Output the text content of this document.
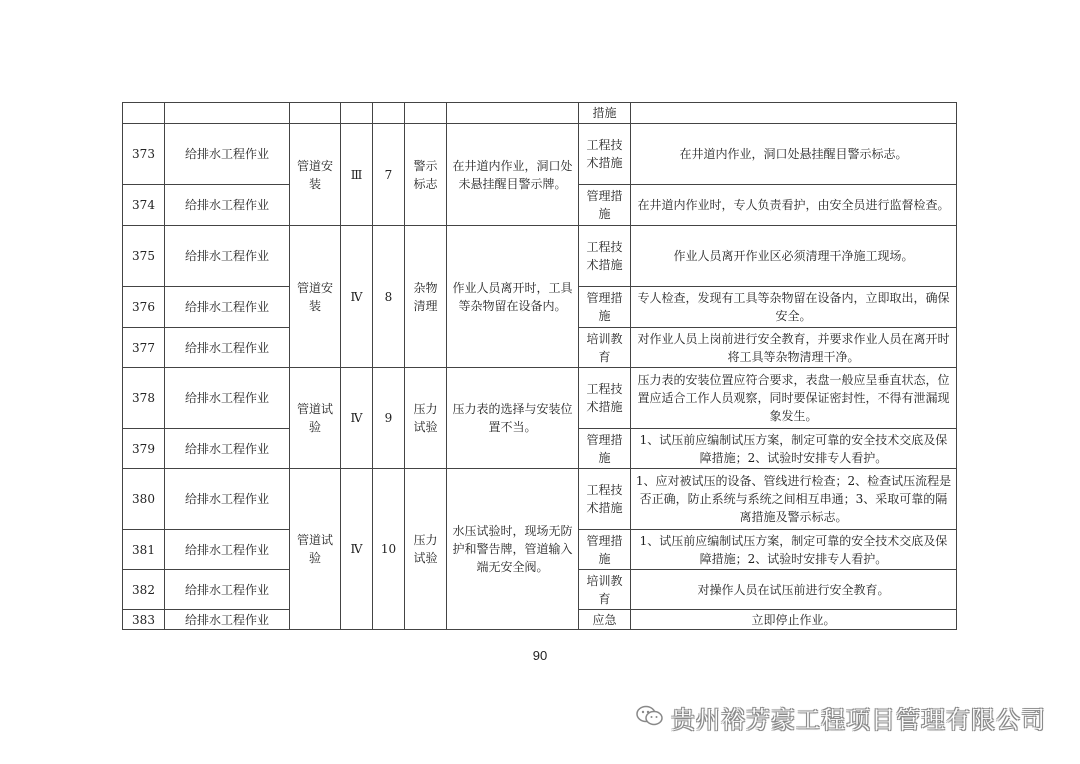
							措施	
373	给排水工程作业	管道安装	Ⅲ	7	警示标志	在井道内作业，洞口处未悬挂醒目警示牌。	工程技术措施	在井道内作业，洞口处悬挂醒目警示标志。
374	给排水工程作业						管理措施	在井道内作业时，专人负责看护，由安全员进行监督检查。
375	给排水工程作业	管道安装	Ⅳ	8	杂物清理	作业人员离开时，工具等杂物留在设备内。	工程技术措施	作业人员离开作业区必须清理干净施工现场。
376	给排水工程作业						管理措施	专人检查，发现有工具等杂物留在设备内，立即取出，确保安全。
377	给排水工程作业						培训教育	对作业人员上岗前进行安全教育，并要求作业人员在离开时将工具等杂物清理干净。
378	给排水工程作业	管道试验	Ⅳ	9	压力试验	压力表的选择与安装位置不当。	工程技术措施	压力表的安装位置应符合要求，表盘一般应呈垂直状态，位置应适合工作人员观察，同时要保证密封性，不得有泄漏现象发生。
379	给排水工程作业						管理措施	1、试压前应编制试压方案，制定可靠的安全技术交底及保障措施；2、试验时安排专人看护。
380	给排水工程作业	管道试验	Ⅳ	10	压力试验	水压试验时，现场无防护和警告牌，管道输入端无安全阀。	工程技术措施	1、应对被试压的设备、管线进行检查；2、检查试压流程是否正确，防止系统与系统之间相互串通；3、采取可靠的隔离措施及警示标志。
381	给排水工程作业						管理措施	1、试压前应编制试压方案，制定可靠的安全技术交底及保障措施；2、试验时安排专人看护。
382	给排水工程作业						培训教育	对操作人员在试压前进行安全教育。
383	给排水工程作业						应急	立即停止作业。
90
贵州裕芳豪工程项目管理有限公司
